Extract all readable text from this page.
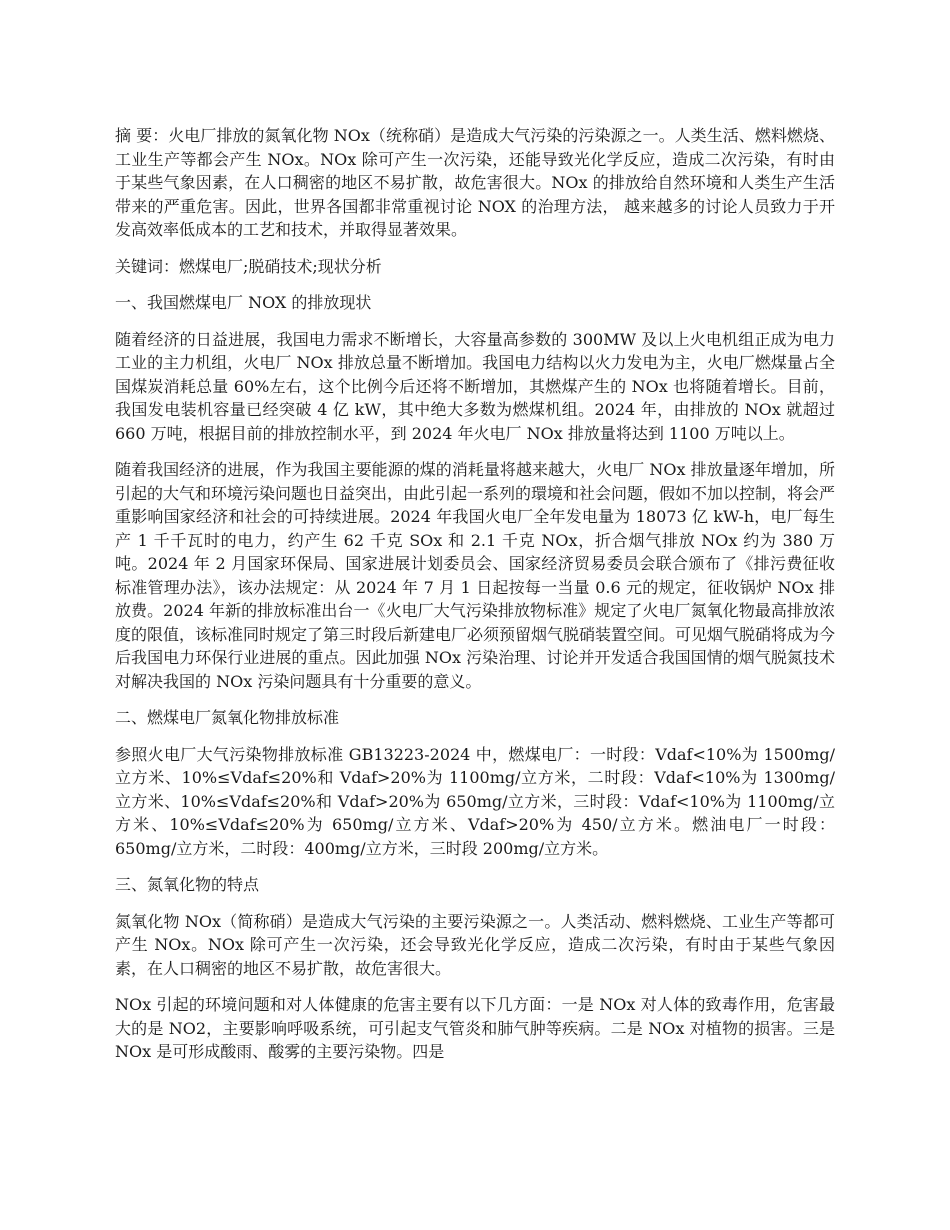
摘 要：火电厂排放的氮氧化物 NOx（统称硝）是造成大气污染的污染源之一。人类生活、燃料燃烧、工业生产等都会产生 NOx。NOx 除可产生一次污染，还能导致光化学反应，造成二次污染，有时由于某些气象因素，在人口稠密的地区不易扩散，故危害很大。NOx 的排放给自然环境和人类生产生活带来的严重危害。因此，世界各国都非常重视讨论 NOX 的治理方法， 越来越多的讨论人员致力于开发高效率低成本的工艺和技术，并取得显著效果。

关键词：燃煤电厂;脱硝技术;现状分析

一、我国燃煤电厂 NOX 的排放现状

随着经济的日益进展，我国电力需求不断增长，大容量高参数的 300MW 及以上火电机组正成为电力工业的主力机组，火电厂 NOx 排放总量不断增加。我国电力结构以火力发电为主，火电厂燃煤量占全国煤炭消耗总量 60%左右，这个比例今后还将不断增加，其燃煤产生的 NOx 也将随着增长。目前，我国发电装机容量已经突破 4 亿 kW，其中绝大多数为燃煤机组。2024 年，由排放的 NOx 就超过 660 万吨，根据目前的排放控制水平，到 2024 年火电厂 NOx 排放量将达到 1100 万吨以上。

随着我国经济的进展，作为我国主要能源的煤的消耗量将越来越大，火电厂 NOx 排放量逐年增加，所引起的大气和环境污染问题也日益突出，由此引起一系列的環境和社会问题，假如不加以控制，将会严重影响国家经济和社会的可持续进展。2024 年我国火电厂全年发电量为 18073 亿 kW-h，电厂每生产 1 千千瓦时的电力，约产生 62 千克 SOx 和 2.1 千克 NOx，折合烟气排放 NOx 约为 380 万吨。2024 年 2 月国家环保局、国家进展计划委员会、国家经济贸易委员会联合颁布了《排污费征收标准管理办法》，该办法规定：从 2024 年 7 月 1 日起按每一当量 0.6 元的规定，征收锅炉 NOx 排放费。2024 年新的排放标准出台一《火电厂大气污染排放物标准》规定了火电厂氮氧化物最高排放浓度的限值，该标准同时规定了第三时段后新建电厂必须预留烟气脱硝装置空间。可见烟气脱硝将成为今后我国电力环保行业进展的重点。因此加强 NOx 污染治理、讨论并开发适合我国国情的烟气脱氮技术对解决我国的 NOx 污染问题具有十分重要的意义。

二、燃煤电厂氮氧化物排放标准

参照火电厂大气污染物排放标准 GB13223-2024 中，燃煤电厂：一时段：Vdaf<10%为 1500mg/立方米、10%≤Vdaf≤20%和 Vdaf>20%为 1100mg/立方米，二时段：Vdaf<10%为 1300mg/立方米、10%≤Vdaf≤20%和 Vdaf>20%为 650mg/立方米，三时段：Vdaf<10%为 1100mg/立方米、10%≤Vdaf≤20%为 650mg/立方米、Vdaf>20%为 450/立方米。燃油电厂一时段：650mg/立方米，二时段：400mg/立方米，三时段 200mg/立方米。

三、氮氧化物的特点

氮氧化物 NOx（简称硝）是造成大气污染的主要污染源之一。人类活动、燃料燃烧、工业生产等都可产生 NOx。NOx 除可产生一次污染，还会导致光化学反应，造成二次污染，有时由于某些气象因素，在人口稠密的地区不易扩散，故危害很大。

NOx 引起的环境问题和对人体健康的危害主要有以下几方面：一是 NOx 对人体的致毒作用，危害最大的是 NO2，主要影响呼吸系统，可引起支气管炎和肺气肿等疾病。二是 NOx 对植物的损害。三是 NOx 是可形成酸雨、酸雾的主要污染物。四是
